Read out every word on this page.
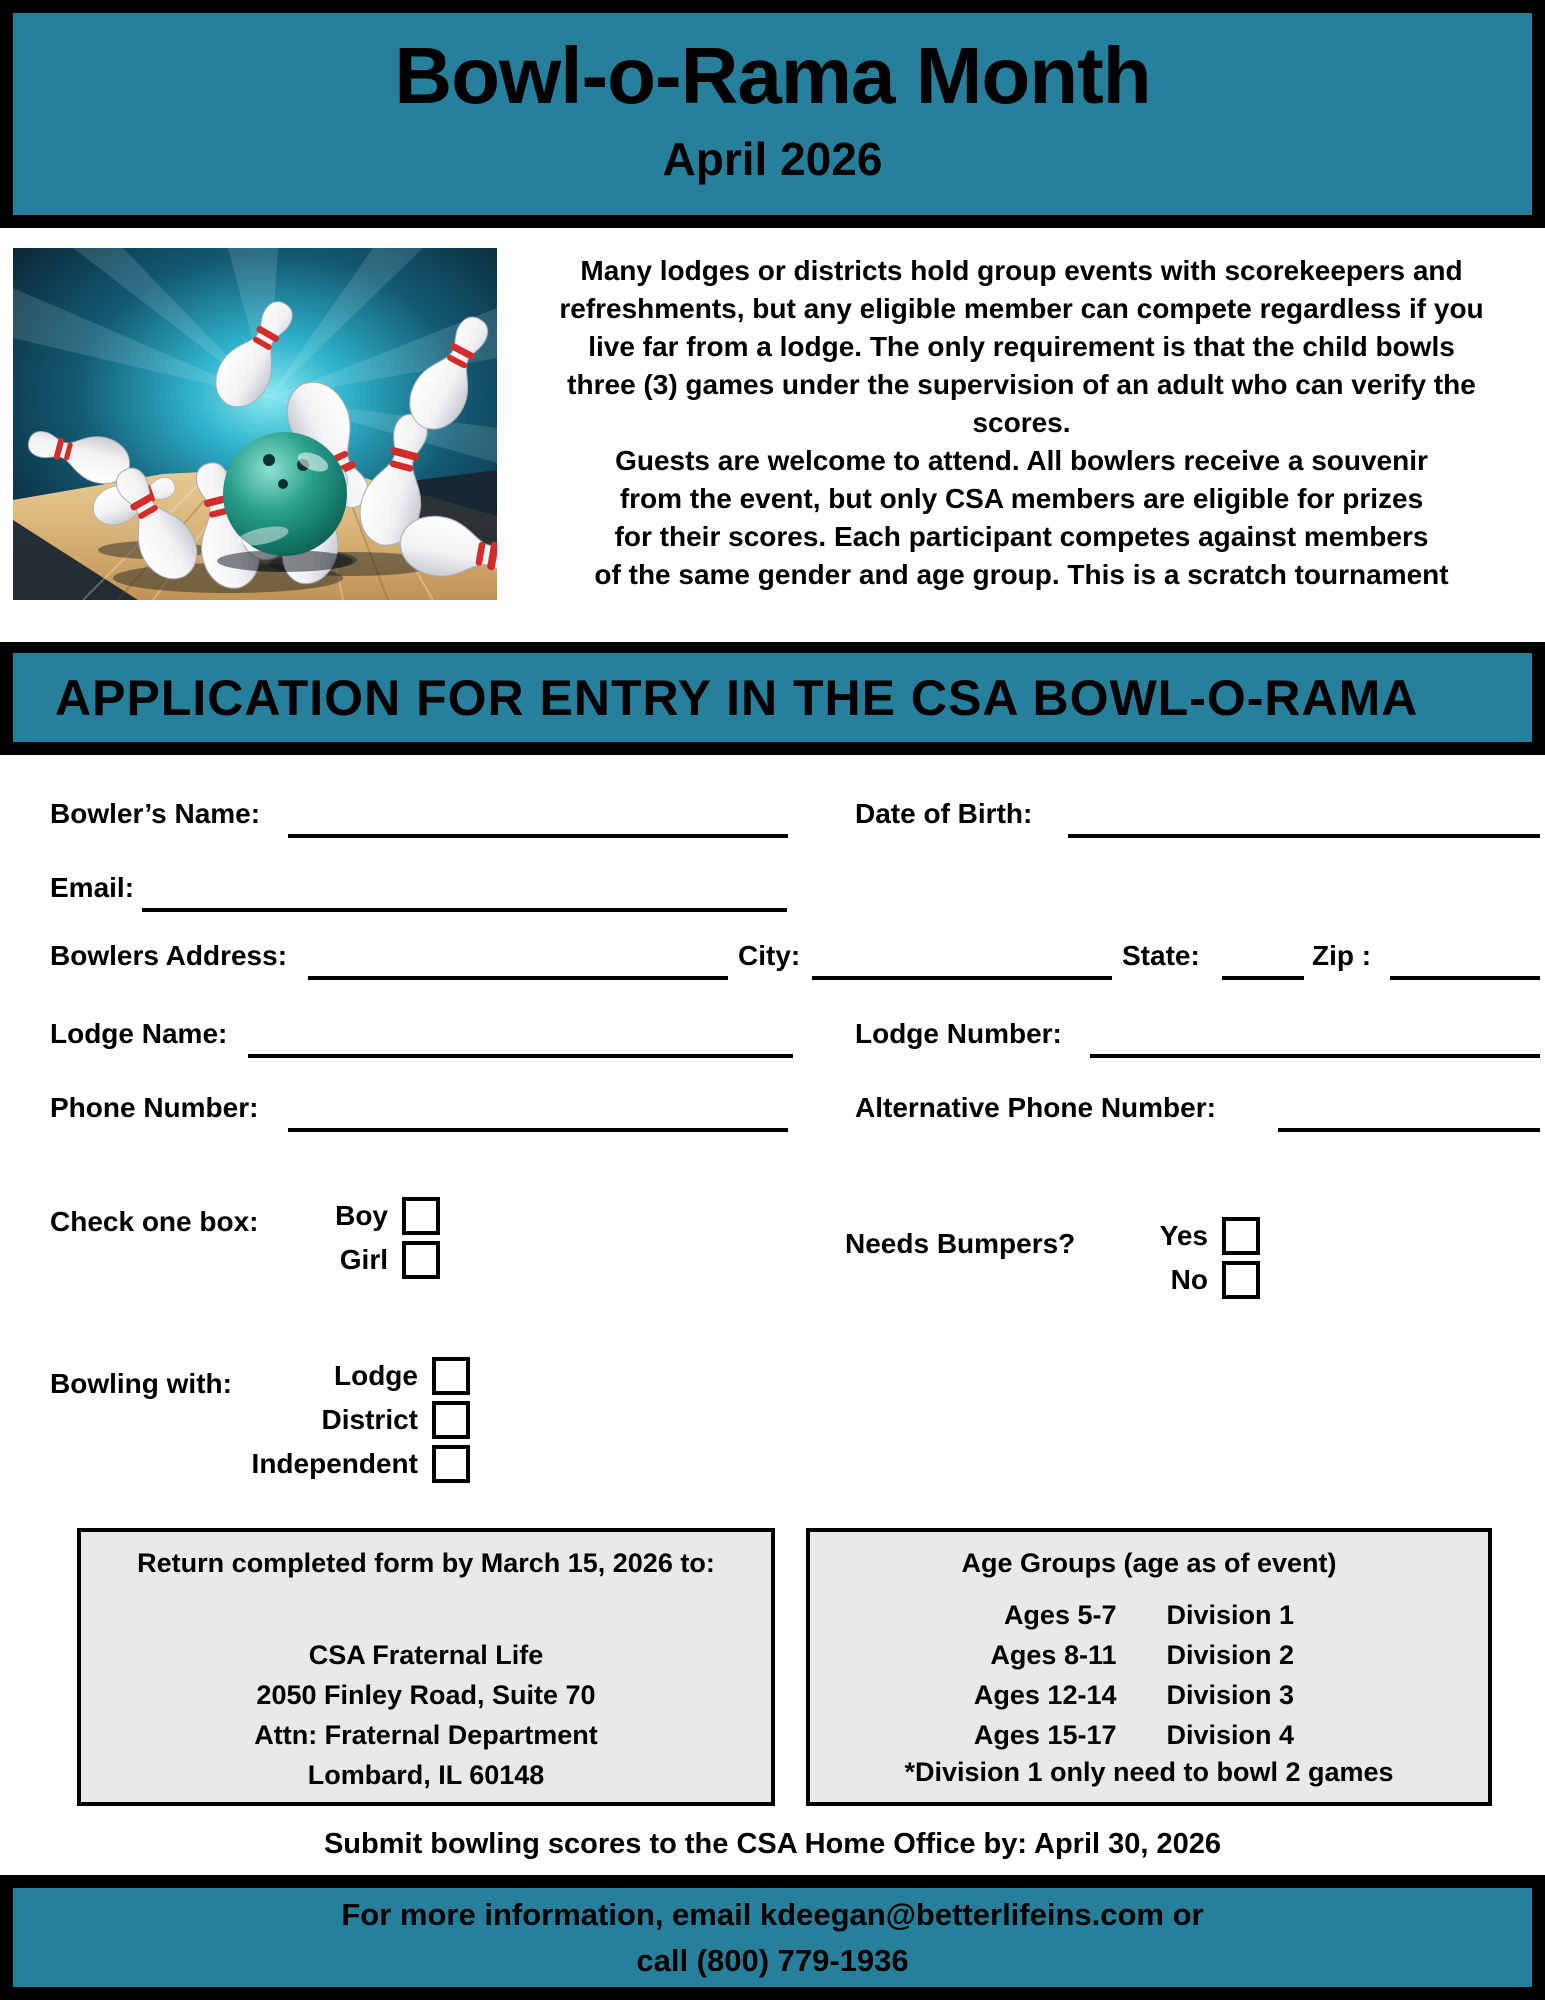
Bowl-o-Rama Month
April 2026
Many lodges or districts hold group events with scorekeepers and
refreshments, but any eligible member can compete regardless if you
live far from a lodge. The only requirement is that the child bowls
three (3) games under the supervision of an adult who can verify the
scores.
Guests are welcome to attend. All bowlers receive a souvenir
from the event, but only CSA members are eligible for prizes
for their scores. Each participant competes against members
of the same gender and age group. This is a scratch tournament
APPLICATION FOR ENTRY IN THE CSA BOWL-O-RAMA
Bowler’s Name:	Date of Birth:
Email:
Bowlers Address:	City:	State:	Zip :
Lodge Name:	Lodge Number:
Phone Number:	Alternative Phone Number:
Check one box:	Boy
Girl
Needs Bumpers?	Yes
No
Bowling with:	Lodge
District
Independent
Return completed form by March 15, 2026 to:
CSA Fraternal Life
2050 Finley Road, Suite 70
Attn: Fraternal Department
Lombard, IL 60148
Age Groups (age as of event)
Ages 5-7 Division 1
Ages 8-11 Division 2
Ages 12-14 Division 3
Ages 15-17 Division 4
*Division 1 only need to bowl 2 games
Submit bowling scores to the CSA Home Office by: April 30, 2026
For more information, email kdeegan@betterlifeins.com or
call (800) 779-1936
